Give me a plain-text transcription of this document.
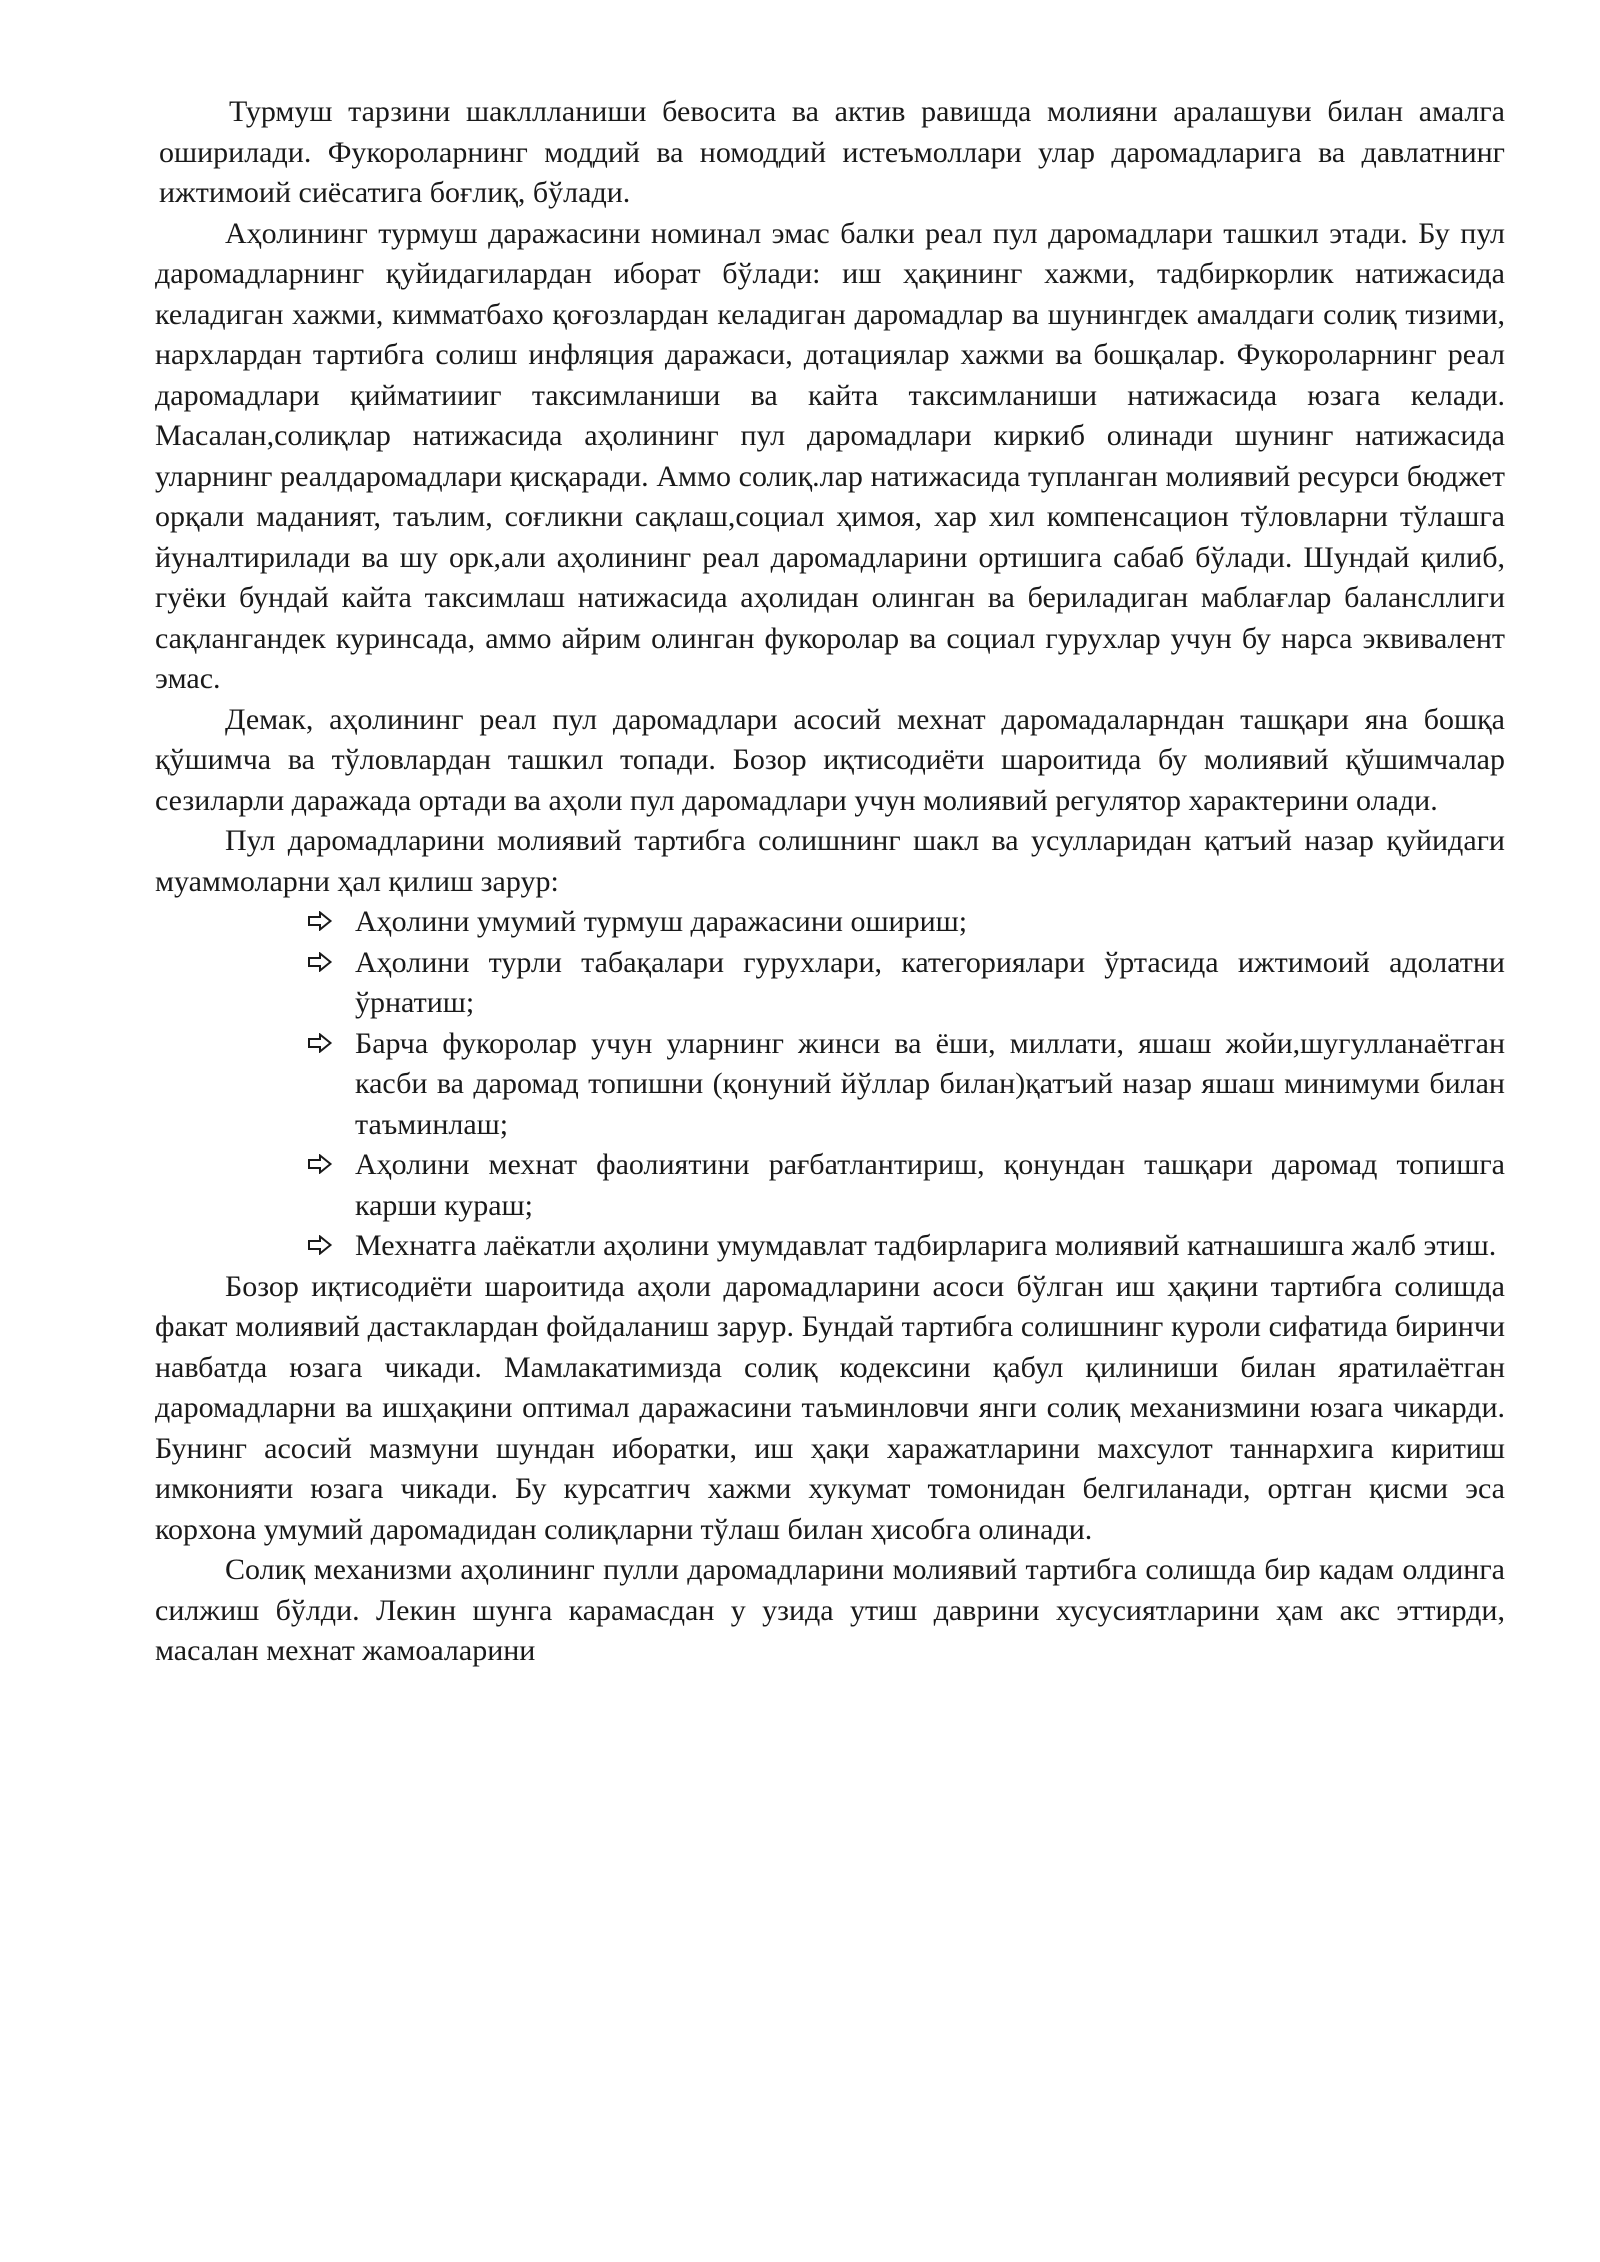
Турмуш тарзини шакллланиши бевосита ва актив равишда молияни аралашуви билан амалга оширилади. Фукороларнинг моддий ва номоддий истеъмоллари улар даромадларига ва давлатнинг ижтимоий сиёсатига боғлиқ, бўлади.

Аҳолининг турмуш даражасини номинал эмас балки реал пул даромадлари ташкил этади. Бу пул даромадларнинг қуйидагилардан иборат бўлади: иш ҳақининг хажми, тадбиркорлик натижасида келадиган хажми, кимматбахо қоғозлардан келадиган даромадлар ва шунингдек амалдаги солиқ тизими, нархлардан тартибга солиш инфляция даражаси, дотациялар хажми ва бошқалар. Фукороларнинг реал даромадлари қийматиииг таксимланиши ва кайта таксимланиши натижасида юзага келади. Масалан,солиқлар натижасида аҳолининг пул даромадлари киркиб олинади шунинг натижасида уларнинг реалдаромадлари қисқаради. Аммо солиқ.лар натижасида тупланган молиявий ресурси бюджет орқали маданият, таълим, соғликни сақлаш,социал ҳимоя, хар хил компенсацион тўловларни тўлашга йуналтирилади ва шу орк,али аҳолининг реал даромадларини ортишига сабаб бўлади. Шундай қилиб, гуёки бундай кайта таксимлаш натижасида аҳолидан олинган ва бериладиган маблағлар балансллиги сақлангандек куринсада, аммо айрим олинган фукоролар ва социал гурухлар учун бу нарса эквивалент эмас.

Демак, аҳолининг реал пул даромадлари асосий мехнат даромадаларндан ташқари яна бошқа қўшимча ва тўловлардан ташкил топади. Бозор иқтисодиёти шароитида бу молиявий қўшимчалар сезиларли даражада ортади ва аҳоли пул даромадлари учун молиявий регулятор характерини олади.

Пул даромадларини молиявий тартибга солишнинг шакл ва усулларидан қатъий назар қуйидаги муаммоларни ҳал қилиш зарур:

Аҳолини умумий турмуш даражасини ошириш;
Аҳолини турли табақалари гурухлари, категориялари ўртасида ижтимоий адолатни ўрнатиш;
Барча фукоролар учун уларнинг жинси ва ёши, миллати, яшаш жойи,шугулланаётган касби ва даромад топишни (қонуний йўллар билан)қатъий назар яшаш минимуми билан таъминлаш;
Аҳолини мехнат фаолиятини рағбатлантириш, қонундан ташқари даромад топишга карши кураш;
Мехнатга лаёкатли аҳолини умумдавлат тадбирларига молиявий катнашишга жалб этиш.

Бозор иқтисодиёти шароитида аҳоли даромадларини асоси бўлган иш ҳақини тартибга солишда факат молиявий дастаклардан фойдаланиш зарур. Бундай тартибга солишнинг куроли сифатида биринчи навбатда юзага чикади. Мамлакатимизда солиқ кодексини қабул қилиниши билан яратилаётган даромадларни ва ишҳақини оптимал даражасини таъминловчи янги солиқ механизмини юзага чикарди. Бунинг асосий мазмуни шундан иборатки, иш ҳақи харажатларини махсулот таннархига киритиш имконияти юзага чикади. Бу курсатгич хажми хукумат томонидан белгиланади, ортган қисми эса корхона умумий даромадидан солиқларни тўлаш билан ҳисобга олинади.

Солиқ механизми аҳолининг пулли даромадларини молиявий тартибга солишда бир кадам олдинга силжиш бўлди. Лекин шунга карамасдан у узида утиш даврини хусусиятларини ҳам акс эттирди, масалан мехнат жамоаларини
